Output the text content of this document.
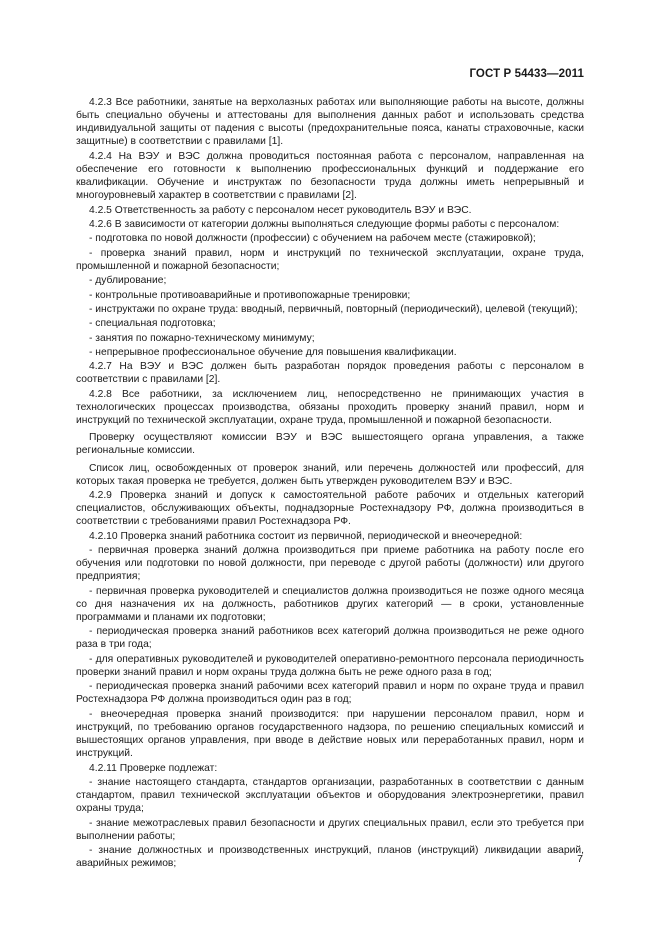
ГОСТ Р 54433—2011

4.2.3 Все работники, занятые на верхолазных работах или выполняющие работы на высоте, должны быть специально обучены и аттестованы для выполнения данных работ и использовать средства индивидуальной защиты от падения с высоты (предохранительные пояса, канаты страховочные, каски защитные) в соответствии с правилами [1].

4.2.4 На ВЭУ и ВЭС должна проводиться постоянная работа с персоналом, направленная на обеспечение его готовности к выполнению профессиональных функций и поддержание его квалификации. Обучение и инструктаж по безопасности труда должны иметь непрерывный и многоуровневый характер в соответствии с правилами [2].

4.2.5 Ответственность за работу с персоналом несет руководитель ВЭУ и ВЭС.

4.2.6 В зависимости от категории должны выполняться следующие формы работы с персоналом:

- подготовка по новой должности (профессии) с обучением на рабочем месте (стажировкой);

- проверка знаний правил, норм и инструкций по технической эксплуатации, охране труда, промышленной и пожарной безопасности;

- дублирование;

- контрольные противоаварийные и противопожарные тренировки;

- инструктажи по охране труда: вводный, первичный, повторный (периодический), целевой (текущий);

- специальная подготовка;

- занятия по пожарно-техническому минимуму;

- непрерывное профессиональное обучение для повышения квалификации.

4.2.7 На ВЭУ и ВЭС должен быть разработан порядок проведения работы с персоналом в соответствии с правилами [2].

4.2.8 Все работники, за исключением лиц, непосредственно не принимающих участия в технологических процессах производства, обязаны проходить проверку знаний правил, норм и инструкций по технической эксплуатации, охране труда, промышленной и пожарной безопасности.

Проверку осуществляют комиссии ВЭУ и ВЭС вышестоящего органа управления, а также региональные комиссии.

Список лиц, освобожденных от проверок знаний, или перечень должностей или профессий, для которых такая проверка не требуется, должен быть утвержден руководителем ВЭУ и ВЭС.

4.2.9 Проверка знаний и допуск к самостоятельной работе рабочих и отдельных категорий специалистов, обслуживающих объекты, поднадзорные Ростехнадзору РФ, должна производиться в соответствии с требованиями правил Ростехнадзора РФ.

4.2.10 Проверка знаний работника состоит из первичной, периодической и внеочередной:

- первичная проверка знаний должна производиться при приеме работника на работу после его обучения или подготовки по новой должности, при переводе с другой работы (должности) или другого предприятия;

- первичная проверка руководителей и специалистов должна производиться не позже одного месяца со дня назначения их на должность, работников других категорий — в сроки, установленные программами и планами их подготовки;

- периодическая проверка знаний работников всех категорий должна производиться не реже одного раза в три года;

- для оперативных руководителей и руководителей оперативно-ремонтного персонала периодичность проверки знаний правил и норм охраны труда должна быть не реже одного раза в год;

- периодическая проверка знаний рабочими всех категорий правил и норм по охране труда и правил Ростехнадзора РФ должна производиться один раз в год;

- внеочередная проверка знаний производится: при нарушении персоналом правил, норм и инструкций, по требованию органов государственного надзора, по решению специальных комиссий и вышестоящих органов управления, при вводе в действие новых или переработанных правил, норм и инструкций.

4.2.11 Проверке подлежат:

- знание настоящего стандарта, стандартов организации, разработанных в соответствии с данным стандартом, правил технической эксплуатации объектов и оборудования электроэнергетики, правил охраны труда;

- знание межотраслевых правил безопасности и других специальных правил, если это требуется при выполнении работы;

- знание должностных и производственных инструкций, планов (инструкций) ликвидации аварий, аварийных режимов;	7
